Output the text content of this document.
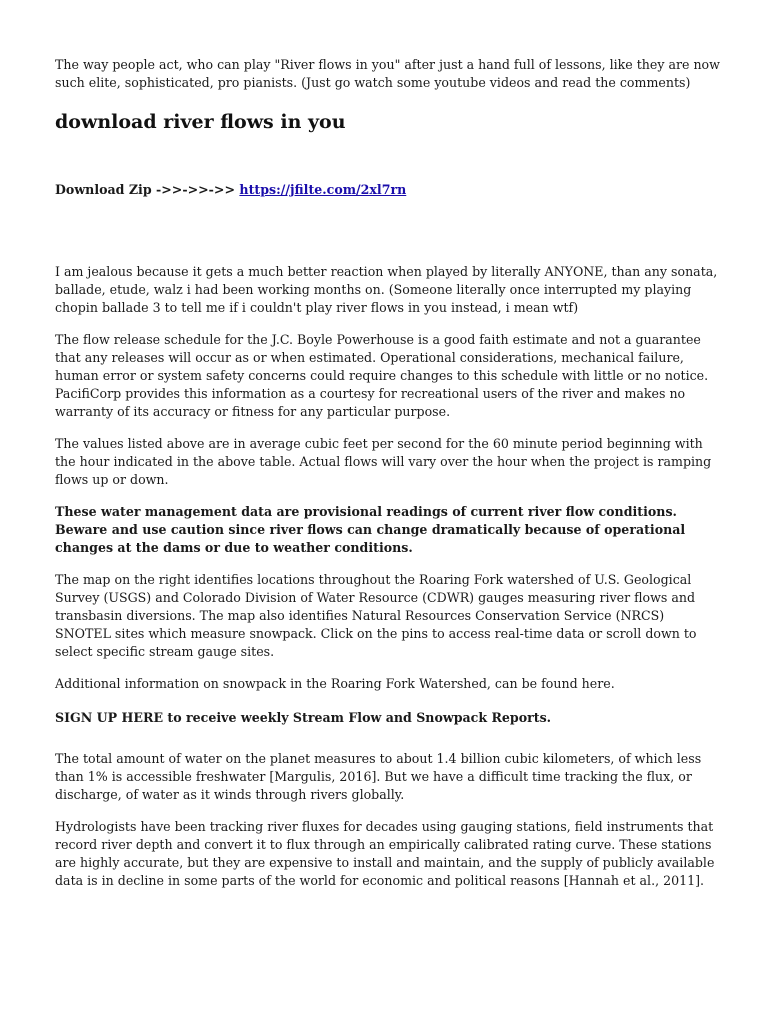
The way people act, who can play "River flows in you" after just a hand full of lessons, like they are now such elite, sophisticated, pro pianists. (Just go watch some youtube videos and read the comments)

download river flows in you
Download Zip ->>->>->> https://jfilte.com/2xl7rn

I am jealous because it gets a much better reaction when played by literally ANYONE, than any sonata, ballade, etude, walz i had been working months on. (Someone literally once interrupted my playing chopin ballade 3 to tell me if i couldn't play river flows in you instead, i mean wtf)

The flow release schedule for the J.C. Boyle Powerhouse is a good faith estimate and not a guarantee that any releases will occur as or when estimated. Operational considerations, mechanical failure, human error or system safety concerns could require changes to this schedule with little or no notice. PacifiCorp provides this information as a courtesy for recreational users of the river and makes no warranty of its accuracy or fitness for any particular purpose.

The values listed above are in average cubic feet per second for the 60 minute period beginning with the hour indicated in the above table. Actual flows will vary over the hour when the project is ramping flows up or down.

These water management data are provisional readings of current river flow conditions. Beware and use caution since river flows can change dramatically because of operational changes at the dams or due to weather conditions.

The map on the right identifies locations throughout the Roaring Fork watershed of U.S. Geological Survey (USGS) and Colorado Division of Water Resource (CDWR) gauges measuring river flows and transbasin diversions. The map also identifies Natural Resources Conservation Service (NRCS) SNOTEL sites which measure snowpack. Click on the pins to access real-time data or scroll down to select specific stream gauge sites.

Additional information on snowpack in the Roaring Fork Watershed, can be found here.

SIGN UP HERE to receive weekly Stream Flow and Snowpack Reports.

The total amount of water on the planet measures to about 1.4 billion cubic kilometers, of which less than 1% is accessible freshwater [Margulis, 2016]. But we have a difficult time tracking the flux, or discharge, of water as it winds through rivers globally.

Hydrologists have been tracking river fluxes for decades using gauging stations, field instruments that record river depth and convert it to flux through an empirically calibrated rating curve. These stations are highly accurate, but they are expensive to install and maintain, and the supply of publicly available data is in decline in some parts of the world for economic and political reasons [Hannah et al., 2011].
